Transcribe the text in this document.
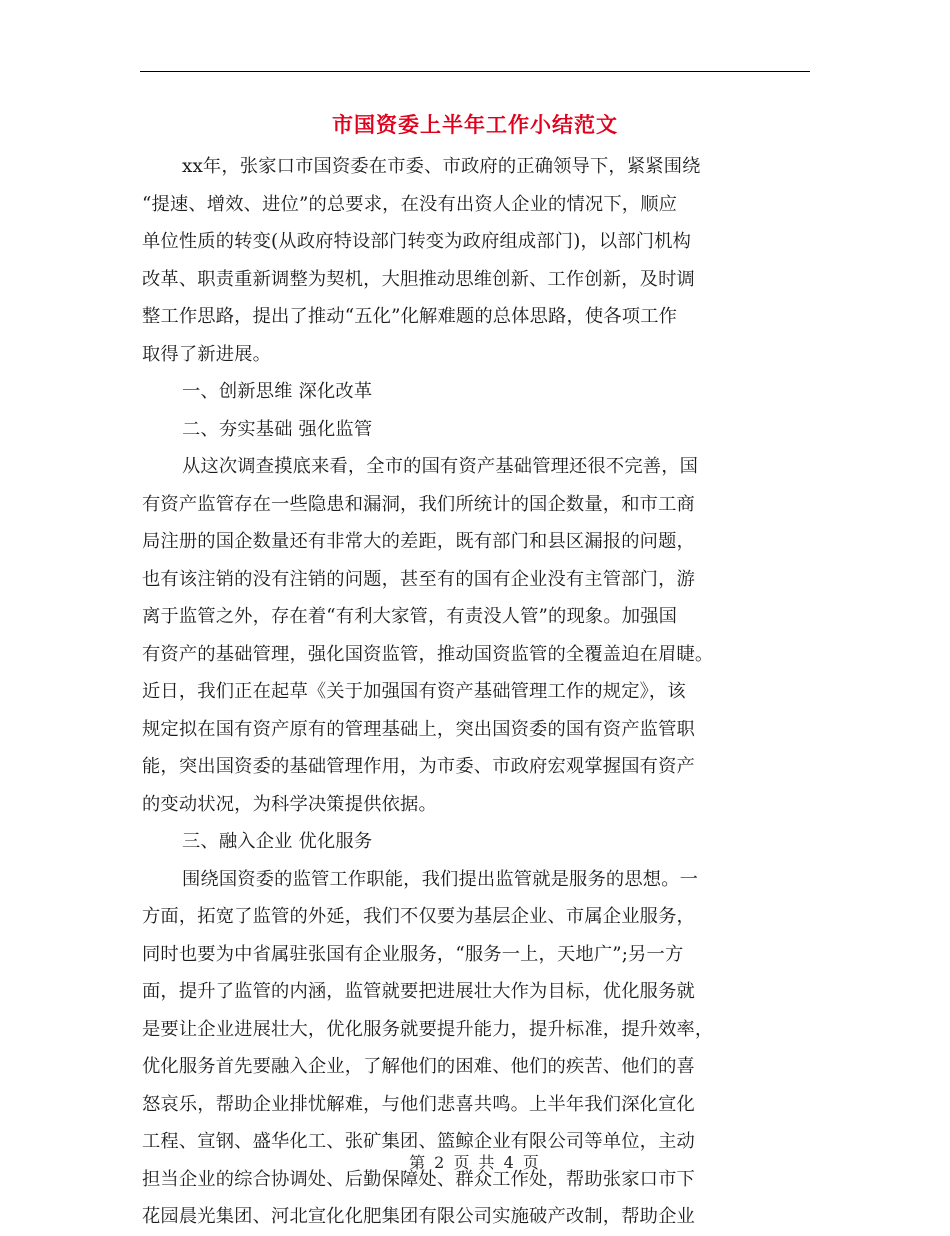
市国资委上半年工作小结范文
xx年，张家口市国资委在市委、市政府的正确领导下，紧紧围绕
“提速、增效、进位”的总要求，在没有出资人企业的情况下，顺应
单位性质的转变(从政府特设部门转变为政府组成部门)，以部门机构
改革、职责重新调整为契机，大胆推动思维创新、工作创新，及时调
整工作思路，提出了推动“五化”化解难题的总体思路，使各项工作
取得了新进展。
一、创新思维 深化改革
二、夯实基础 强化监管
从这次调查摸底来看，全市的国有资产基础管理还很不完善，国
有资产监管存在一些隐患和漏洞，我们所统计的国企数量，和市工商
局注册的国企数量还有非常大的差距，既有部门和县区漏报的问题，
也有该注销的没有注销的问题，甚至有的国有企业没有主管部门，游
离于监管之外，存在着“有利大家管，有责没人管”的现象。加强国
有资产的基础管理，强化国资监管，推动国资监管的全覆盖迫在眉睫。
近日，我们正在起草《关于加强国有资产基础管理工作的规定》，该
规定拟在国有资产原有的管理基础上，突出国资委的国有资产监管职
能，突出国资委的基础管理作用，为市委、市政府宏观掌握国有资产
的变动状况，为科学决策提供依据。
三、融入企业 优化服务
围绕国资委的监管工作职能，我们提出监管就是服务的思想。一
方面，拓宽了监管的外延，我们不仅要为基层企业、市属企业服务，
同时也要为中省属驻张国有企业服务，“服务一上，天地广”;另一方
面，提升了监管的内涵，监管就要把进展壮大作为目标，优化服务就
是要让企业进展壮大，优化服务就要提升能力，提升标准，提升效率，
优化服务首先要融入企业，了解他们的困难、他们的疾苦、他们的喜
怒哀乐，帮助企业排忧解难，与他们悲喜共鸣。上半年我们深化宣化
工程、宣钢、盛华化工、张矿集团、篮鲸企业有限公司等单位，主动
担当企业的综合协调处、后勤保障处、群众工作处，帮助张家口市下
花园晨光集团、河北宣化化肥集团有限公司实施破产改制，帮助企业
第 2 页 共 4 页
